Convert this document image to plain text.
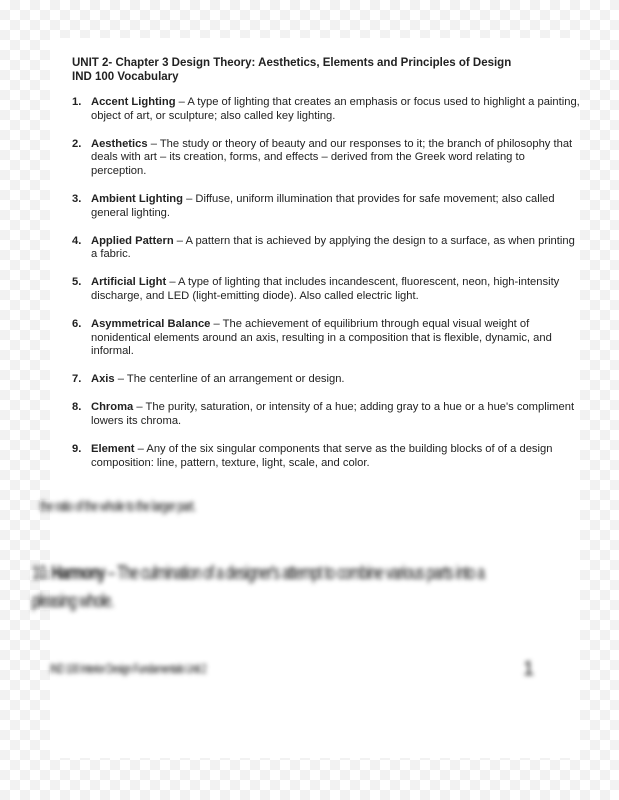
UNIT 2- Chapter 3 Design Theory: Aesthetics, Elements and Principles of Design
IND 100 Vocabulary
1. Accent Lighting – A type of lighting that creates an emphasis or focus used to highlight a painting, object of art, or sculpture; also called key lighting.
2. Aesthetics – The study or theory of beauty and our responses to it; the branch of philosophy that deals with art – its creation, forms, and effects – derived from the Greek word relating to perception.
3. Ambient Lighting – Diffuse, uniform illumination that provides for safe movement; also called general lighting.
4. Applied Pattern – A pattern that is achieved by applying the design to a surface, as when printing a fabric.
5. Artificial Light – A type of lighting that includes incandescent, fluorescent, neon, high-intensity discharge, and LED (light-emitting diode). Also called electric light.
6. Asymmetrical Balance – The achievement of equilibrium through equal visual weight of nonidentical elements around an axis, resulting in a composition that is flexible, dynamic, and informal.
7. Axis – The centerline of an arrangement or design.
8. Chroma – The purity, saturation, or intensity of a hue; adding gray to a hue or a hue's compliment lowers its chroma.
9. Element – Any of the six singular components that serve as the building blocks of of a design composition: line, pattern, texture, light, scale, and color.
the ratio of the whole to the larger part.
10. Harmony – The culmination of a designer's attempt to combine various parts into a pleasing whole.
IND 100 Interior Design Fundamentals Unit 2	1
